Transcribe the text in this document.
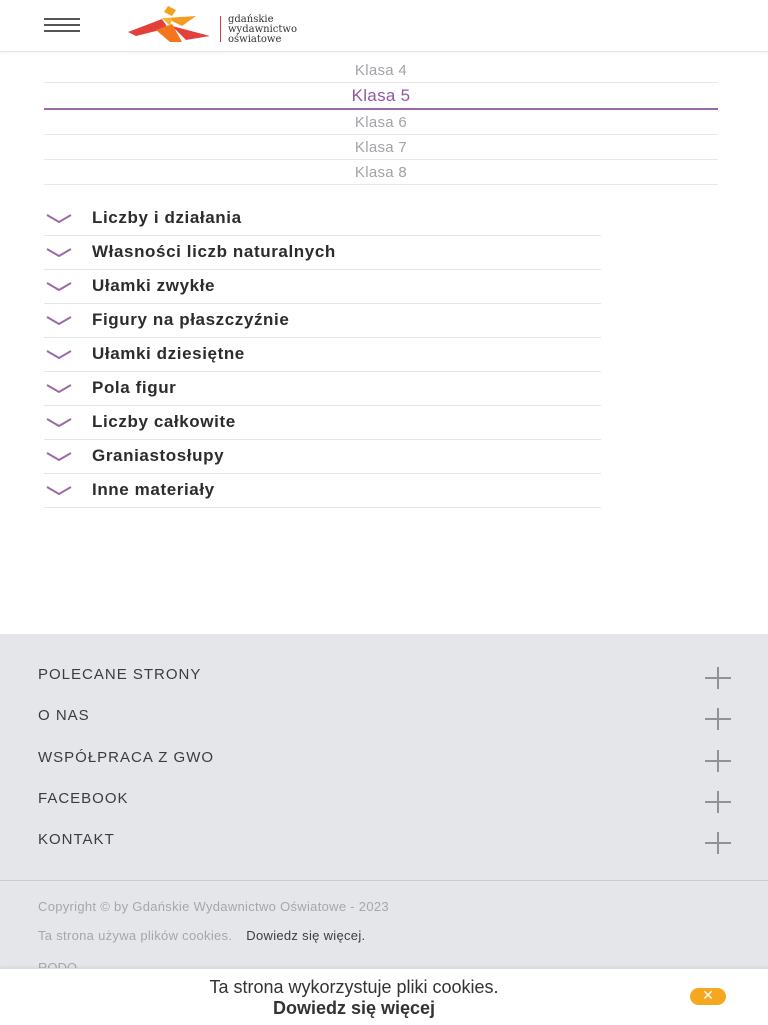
gdańskie
wydawnictwo
oświatowe
Klasa 4
Klasa 5
Klasa 6
Klasa 7
Klasa 8
Liczby i działania
Własności liczb naturalnych
Ułamki zwykłe
Figury na płaszczyźnie
Ułamki dziesiętne
Pola figur
Liczby całkowite
Graniastosłupy
Inne materiały
POLECANE STRONY
O NAS
WSPÓŁPRACA Z GWO
FACEBOOK
KONTAKT
Copyright © by Gdańskie Wydawnictwo Oświatowe - 2023
Ta strona używa plików cookies. Dowiedz się więcej.
Ta strona wykorzystuje pliki cookies.
Dowiedz się więcej
✕
